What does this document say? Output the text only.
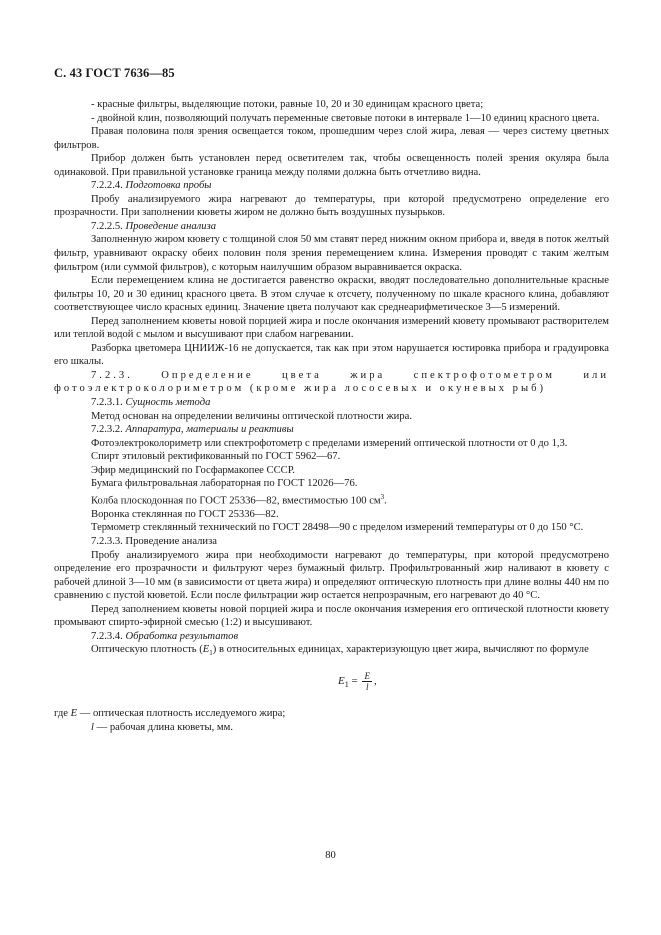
С. 43 ГОСТ 7636—85

- красные фильтры, выделяющие потоки, равные 10, 20 и 30 единицам красного цвета;

- двойной клин, позволяющий получать переменные световые потоки в интервале 1—10 единиц красного цвета.

Правая половина поля зрения освещается током, прошедшим через слой жира, левая — через систему цветных фильтров.

Прибор должен быть установлен перед осветителем так, чтобы освещенность полей зрения окуляра была одинаковой. При правильной установке граница между полями должна быть отчетливо видна.

7.2.2.4. Подготовка пробы

Пробу анализируемого жира нагревают до температуры, при которой предусмотрено определение его прозрачности. При заполнении кюветы жиром не должно быть воздушных пузырьков.

7.2.2.5. Проведение анализа

Заполненную жиром кювету с толщиной слоя 50 мм ставят перед нижним окном прибора и, введя в поток желтый фильтр, уравнивают окраску обеих половин поля зрения перемещением клина. Измерения проводят с таким желтым фильтром (или суммой фильтров), с которым наилучшим образом выравнивается окраска.

Если перемещением клина не достигается равенство окраски, вводят последовательно дополнительные красные фильтры 10, 20 и 30 единиц красного цвета. В этом случае к отсчету, полученному по шкале красного клина, добавляют соответствующее число красных единиц. Значение цвета получают как среднеарифметическое 3—5 измерений.

Перед заполнением кюветы новой порцией жира и после окончания измерений кювету промывают растворителем или теплой водой с мылом и высушивают при слабом нагревании.

Разборка цветомера ЦНИИЖ-16 не допускается, так как при этом нарушается юстировка прибора и градуировка его шкалы.

7.2.3. Определение цвета жира спектрофотометром или фотоэлектроколориметром (кроме жира лососевых и окуневых рыб)

7.2.3.1. Сущность метода

Метод основан на определении величины оптической плотности жира.

7.2.3.2. Аппаратура, материалы и реактивы

Фотоэлектроколориметр или спектрофотометр с пределами измерений оптической плотности от 0 до 1,3.

Спирт этиловый ректификованный по ГОСТ 5962—67.

Эфир медицинский по Госфармакопее СССР.

Бумага фильтровальная лабораторная по ГОСТ 12026—76.

Колба плоскодонная по ГОСТ 25336—82, вместимостью 100 $см^3$.

Воронка стеклянная по ГОСТ 25336—82.

Термометр стеклянный технический по ГОСТ 28498—90 с пределом измерений температуры от 0 до 150 °С.

7.2.3.3. Проведение анализа

Пробу анализируемого жира при необходимости нагревают до температуры, при которой предусмотрено определение его прозрачности и фильтруют через бумажный фильтр. Профильтрованный жир наливают в кювету с рабочей длиной 3—10 мм (в зависимости от цвета жира) и определяют оптическую плотность при длине волны 440 нм по сравнению с пустой кюветой. Если после фильтрации жир остается непрозрачным, его нагревают до 40 °С.

Перед заполнением кюветы новой порцией жира и после окончания измерения его оптической плотности кювету промывают спирто-эфирной смесью (1:2) и высушивают.

7.2.3.4. Обработка результатов

Оптическую плотность $(E_1)$ в относительных единицах, характеризующую цвет жира, вычисляют по формуле

$E_1 = \frac{E}{l}$ ,

где E — оптическая плотность исследуемого жира;

l — рабочая длина кюветы, мм.

80
